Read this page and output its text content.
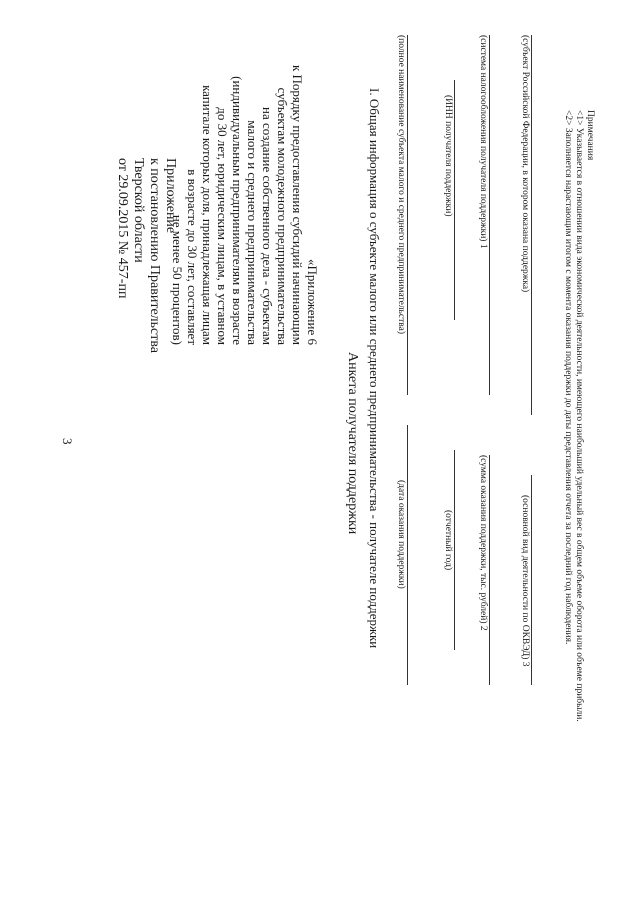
3
Приложение
к постановлению Правительства
Тверской области
от 29.09.2015 № 457-пп
«Приложение 6
к Порядку предоставления субсидий начинающим
субъектам молодежного предпринимательства
на создание собственного дела - субъектам
малого и среднего предпринимательства
(индивидуальным предпринимателям в возрасте
до 30 лет, юридическим лицам, в уставном
капитале которых доля, принадлежащая лицам
в возрасте до 30 лет, составляет
не менее 50 процентов)
Анкета получателя поддержки I. Общая информация о субъекте малого или среднего предпринимательства - получателе поддержки (полное наименование субъекта малого и среднего предпринимательства)
(дата оказания поддержки)
(ИНН получателя поддержки)
(отчетный год)
(система налогообложения получателя поддержки) 1
(сумма оказания поддержки, тыс. рублей) 2
(субъект Российской Федерации, в котором оказана поддержка)
(основной вид деятельности по ОКВЭД) 3
Примечания
<1> Указывается в отношении вида экономической деятельности, имеющего наибольший удельный вес в общем объеме оборота или объеме прибыли.
<2> Заполняется нарастающим итогом с момента оказания поддержки до даты представления отчета за последний год наблюдения.
